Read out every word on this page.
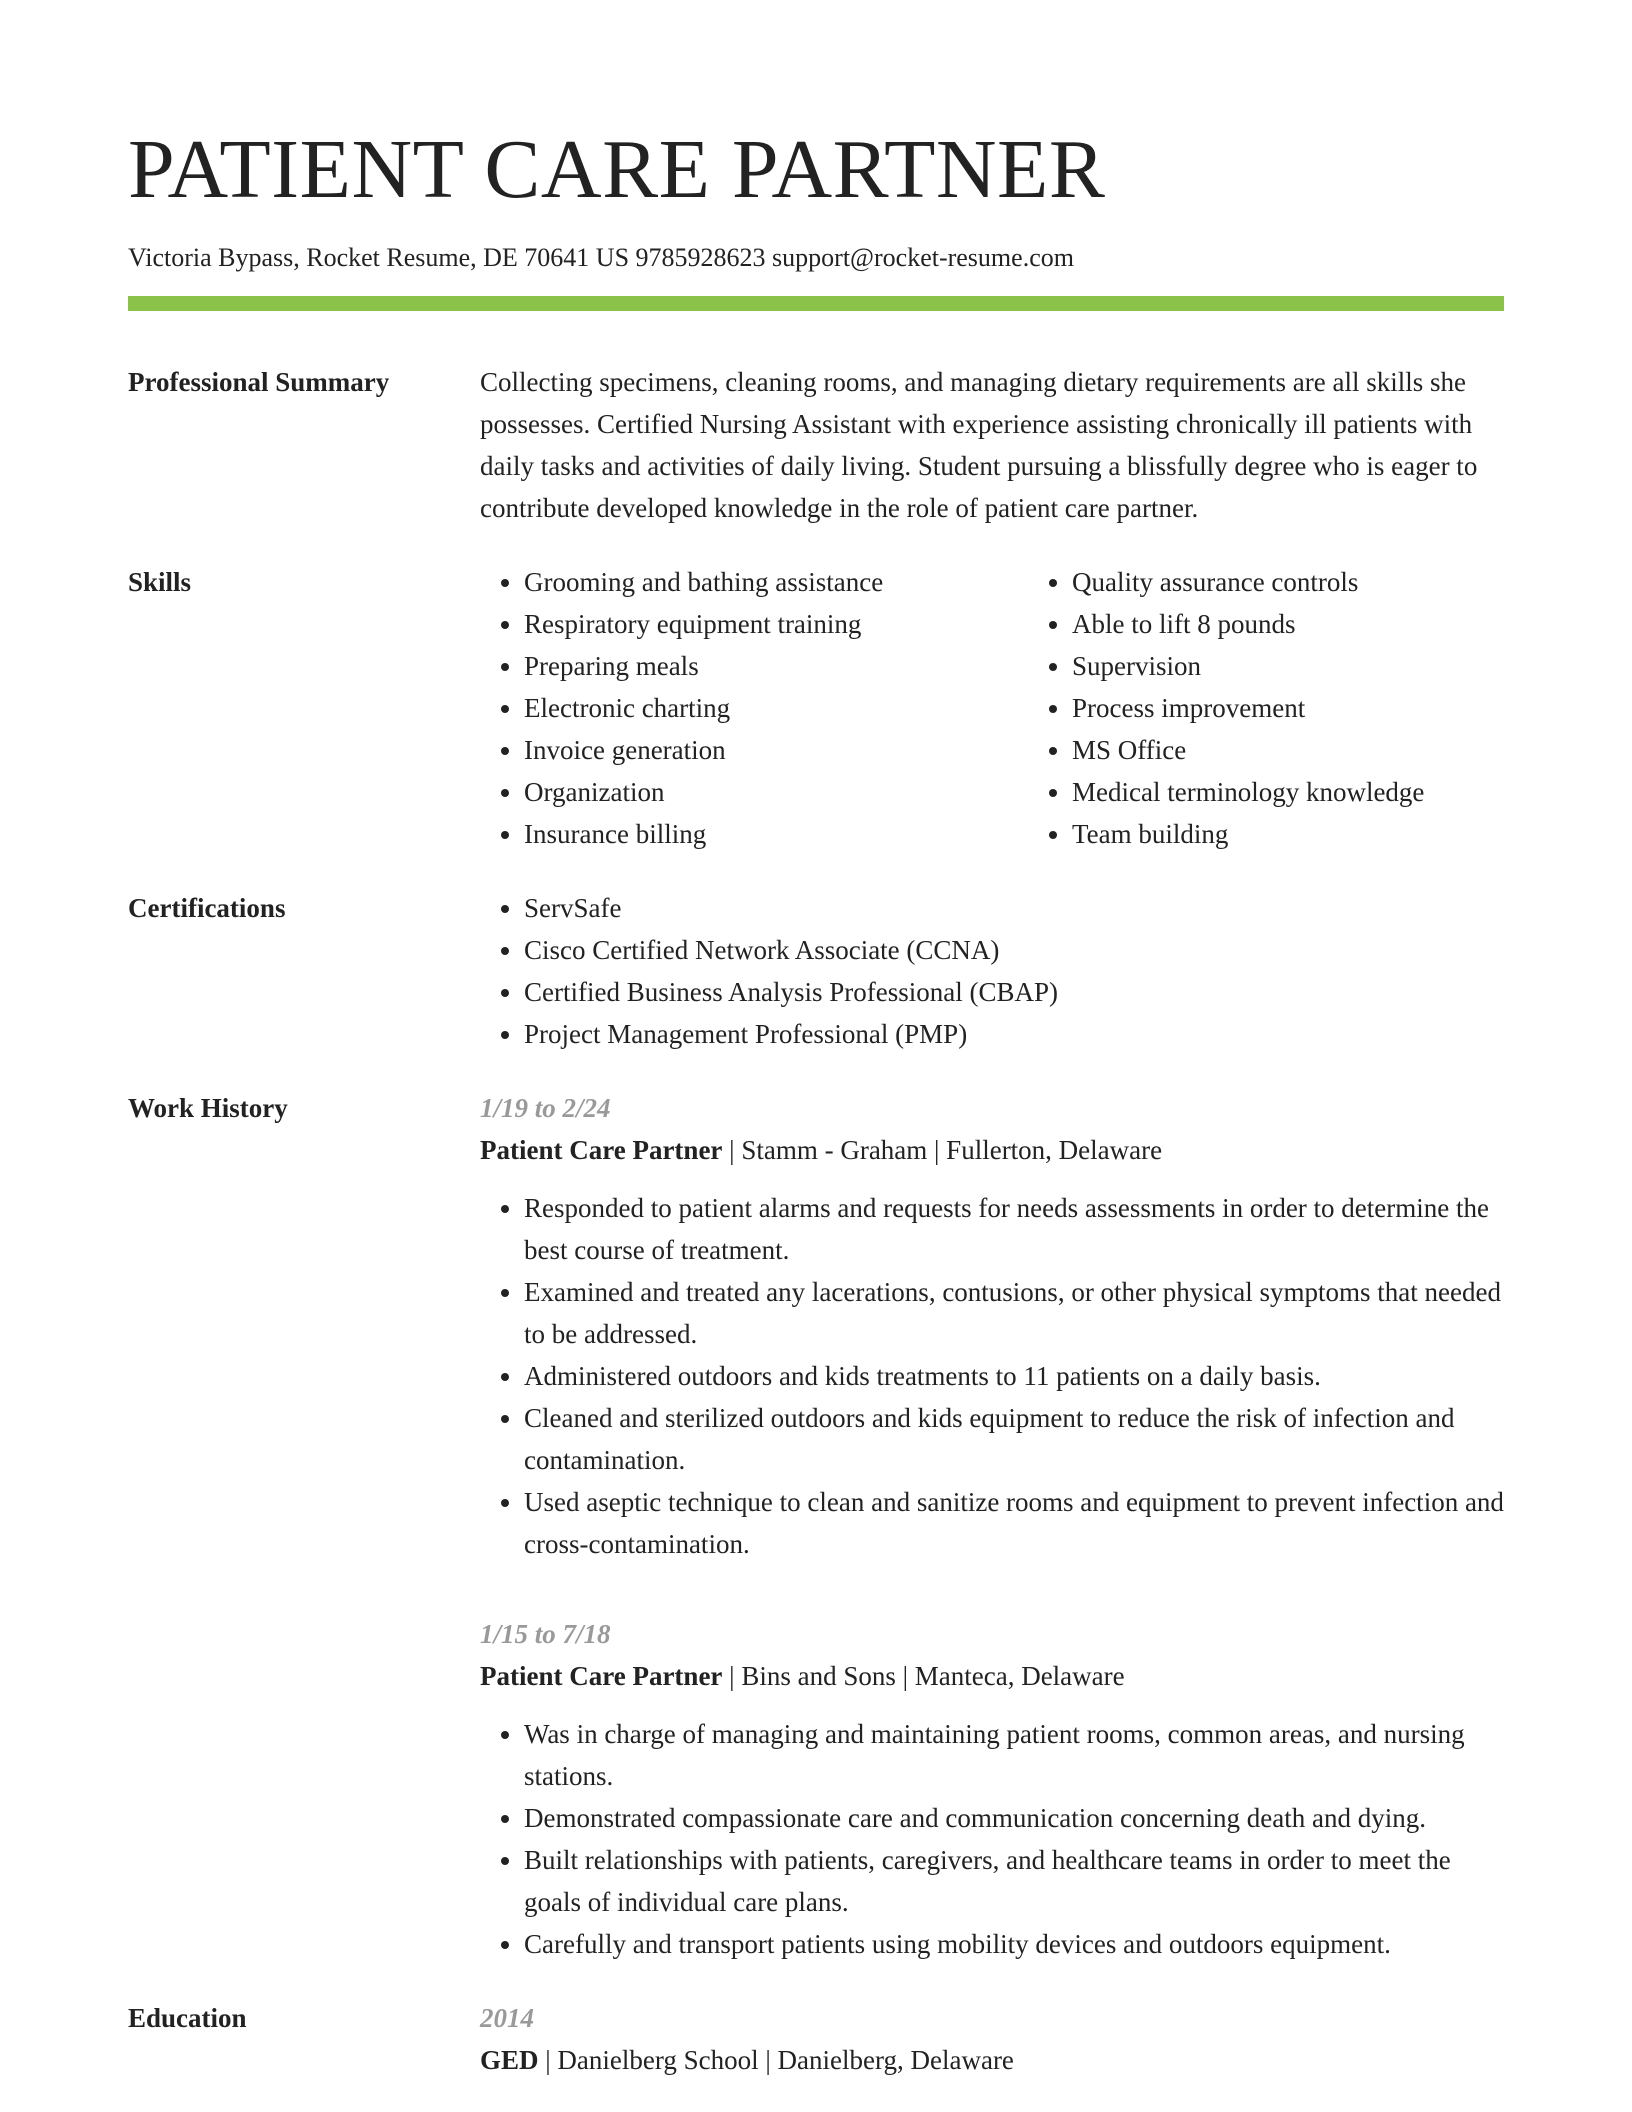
PATIENT CARE PARTNER
Victoria Bypass, Rocket Resume, DE 70641 US 9785928623 support@rocket-resume.com
Professional Summary	Collecting specimens, cleaning rooms, and managing dietary requirements are all skills she possesses. Certified Nursing Assistant with experience assisting chronically ill patients with daily tasks and activities of daily living. Student pursuing a blissfully degree who is eager to contribute developed knowledge in the role of patient care partner.

Skills	• Grooming and bathing assistance
• Respiratory equipment training
• Preparing meals
• Electronic charting
• Invoice generation
• Organization
• Insurance billing
• Quality assurance controls
• Able to lift 8 pounds
• Supervision
• Process improvement
• MS Office
• Medical terminology knowledge
• Team building
Certifications	• ServSafe
• Cisco Certified Network Associate (CCNA)
• Certified Business Analysis Professional (CBAP)
• Project Management Professional (PMP)
Work History	1/19 to 2/24
Patient Care Partner | Stamm - Graham | Fullerton, Delaware
• Responded to patient alarms and requests for needs assessments in order to determine the best course of treatment.
• Examined and treated any lacerations, contusions, or other physical symptoms that needed to be addressed.
• Administered outdoors and kids treatments to 11 patients on a daily basis.
• Cleaned and sterilized outdoors and kids equipment to reduce the risk of infection and contamination.
• Used aseptic technique to clean and sanitize rooms and equipment to prevent infection and cross-contamination.
1/15 to 7/18
Patient Care Partner | Bins and Sons | Manteca, Delaware
• Was in charge of managing and maintaining patient rooms, common areas, and nursing stations.
• Demonstrated compassionate care and communication concerning death and dying.
• Built relationships with patients, caregivers, and healthcare teams in order to meet the goals of individual care plans.
• Carefully and transport patients using mobility devices and outdoors equipment.
Education	2014
GED | Danielberg School | Danielberg, Delaware
